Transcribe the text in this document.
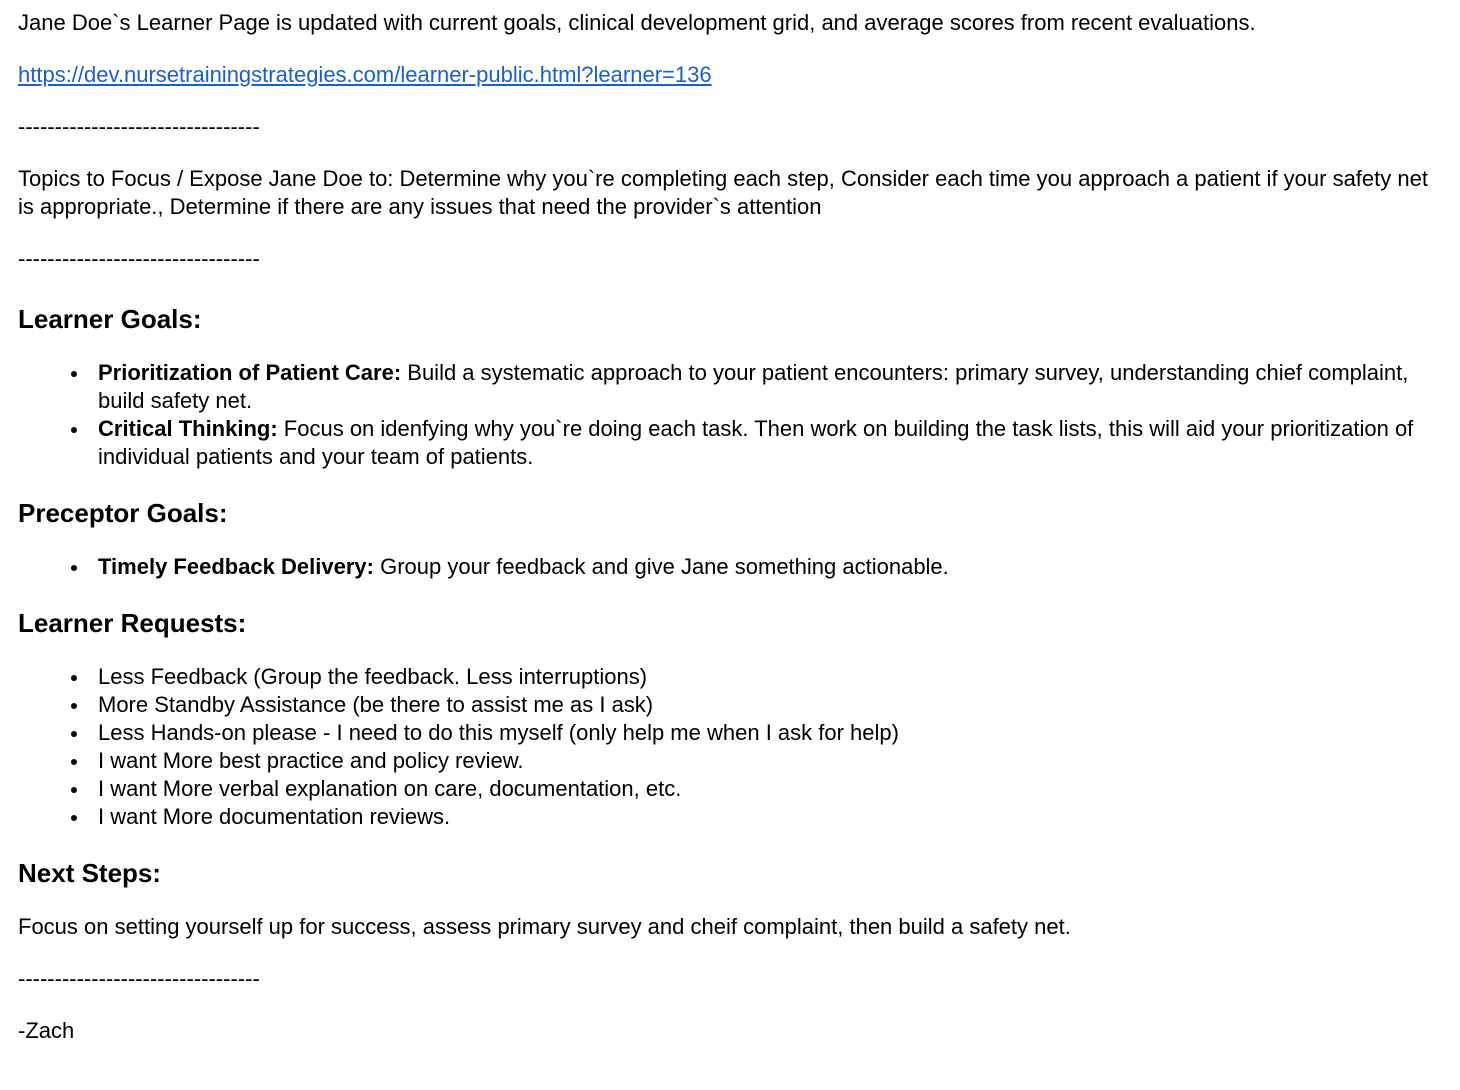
Jane Doe`s Learner Page is updated with current goals, clinical development grid, and average scores from recent evaluations.

https://dev.nursetrainingstrategies.com/learner-public.html?learner=136

---------------------------------

Topics to Focus / Expose Jane Doe to: Determine why you`re completing each step, Consider each time you approach a patient if your safety net is appropriate., Determine if there are any issues that need the provider`s attention

---------------------------------

Learner Goals:
Prioritization of Patient Care: Build a systematic approach to your patient encounters: primary survey, understanding chief complaint, build safety net.
Critical Thinking: Focus on idenfying why you`re doing each task. Then work on building the task lists, this will aid your prioritization of individual patients and your team of patients.
Preceptor Goals:
Timely Feedback Delivery: Group your feedback and give Jane something actionable.
Learner Requests:
Less Feedback (Group the feedback. Less interruptions)
More Standby Assistance (be there to assist me as I ask)
Less Hands-on please - I need to do this myself (only help me when I ask for help)
I want More best practice and policy review.
I want More verbal explanation on care, documentation, etc.
I want More documentation reviews.
Next Steps:

Focus on setting yourself up for success, assess primary survey and cheif complaint, then build a safety net.

---------------------------------

-Zach
